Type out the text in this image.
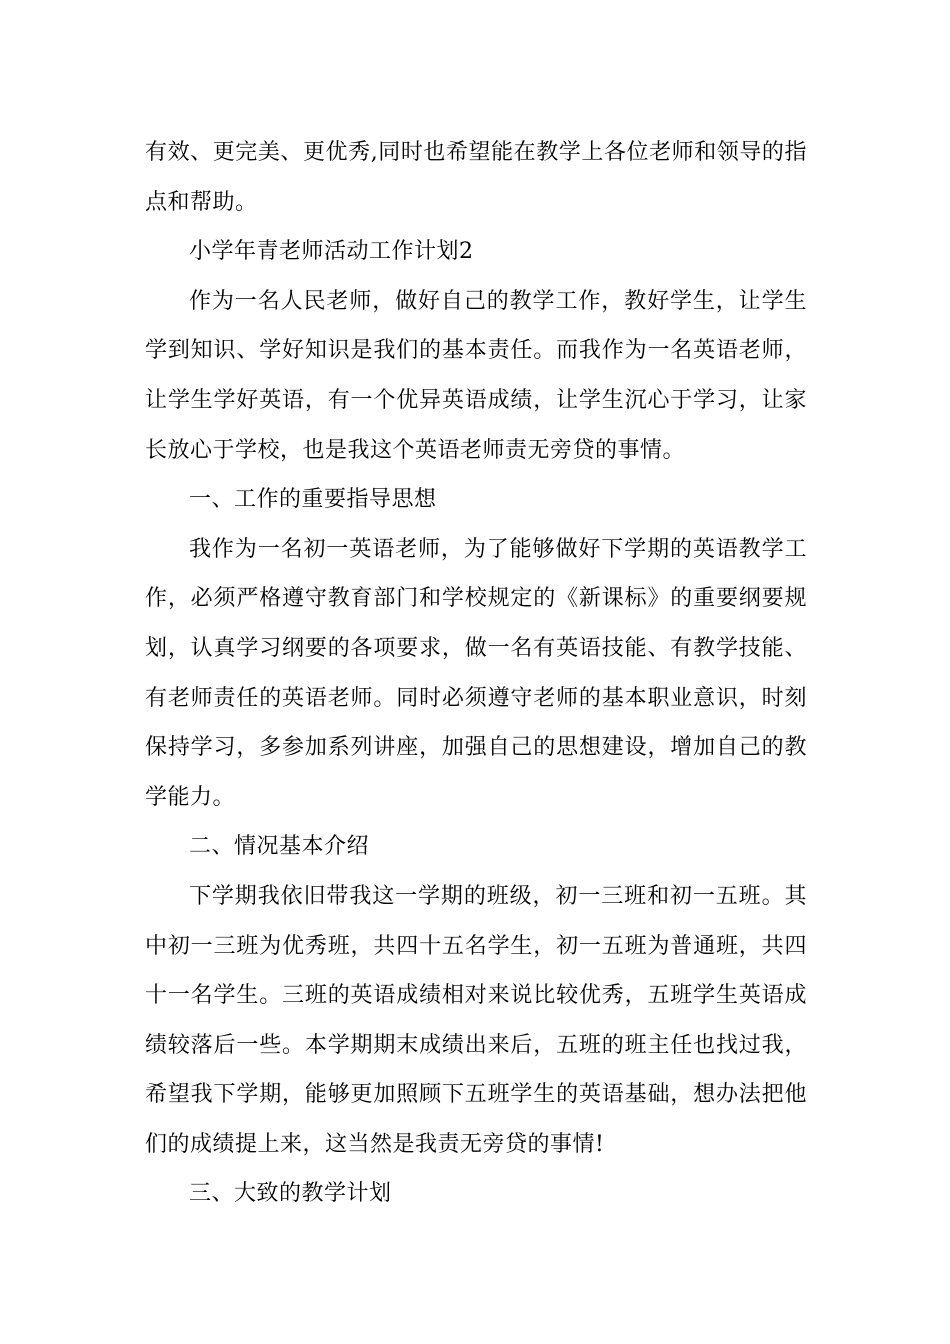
有效、更完美、更优秀,同时也希望能在教学上各位老师和领导的指点和帮助。

小学年青老师活动工作计划2

作为一名人民老师，做好自己的教学工作，教好学生，让学生学到知识、学好知识是我们的基本责任。而我作为一名英语老师，让学生学好英语，有一个优异英语成绩，让学生沉心于学习，让家长放心于学校，也是我这个英语老师责无旁贷的事情。

一、工作的重要指导思想

我作为一名初一英语老师，为了能够做好下学期的英语教学工作，必须严格遵守教育部门和学校规定的《新课标》的重要纲要规划，认真学习纲要的各项要求，做一名有英语技能、有教学技能、有老师责任的英语老师。同时必须遵守老师的基本职业意识，时刻保持学习，多参加系列讲座，加强自己的思想建设，增加自己的教学能力。

二、情况基本介绍

下学期我依旧带我这一学期的班级，初一三班和初一五班。其中初一三班为优秀班，共四十五名学生，初一五班为普通班，共四十一名学生。三班的英语成绩相对来说比较优秀，五班学生英语成绩较落后一些。本学期期末成绩出来后，五班的班主任也找过我，希望我下学期，能够更加照顾下五班学生的英语基础，想办法把他们的成绩提上来，这当然是我责无旁贷的事情!

三、大致的教学计划
